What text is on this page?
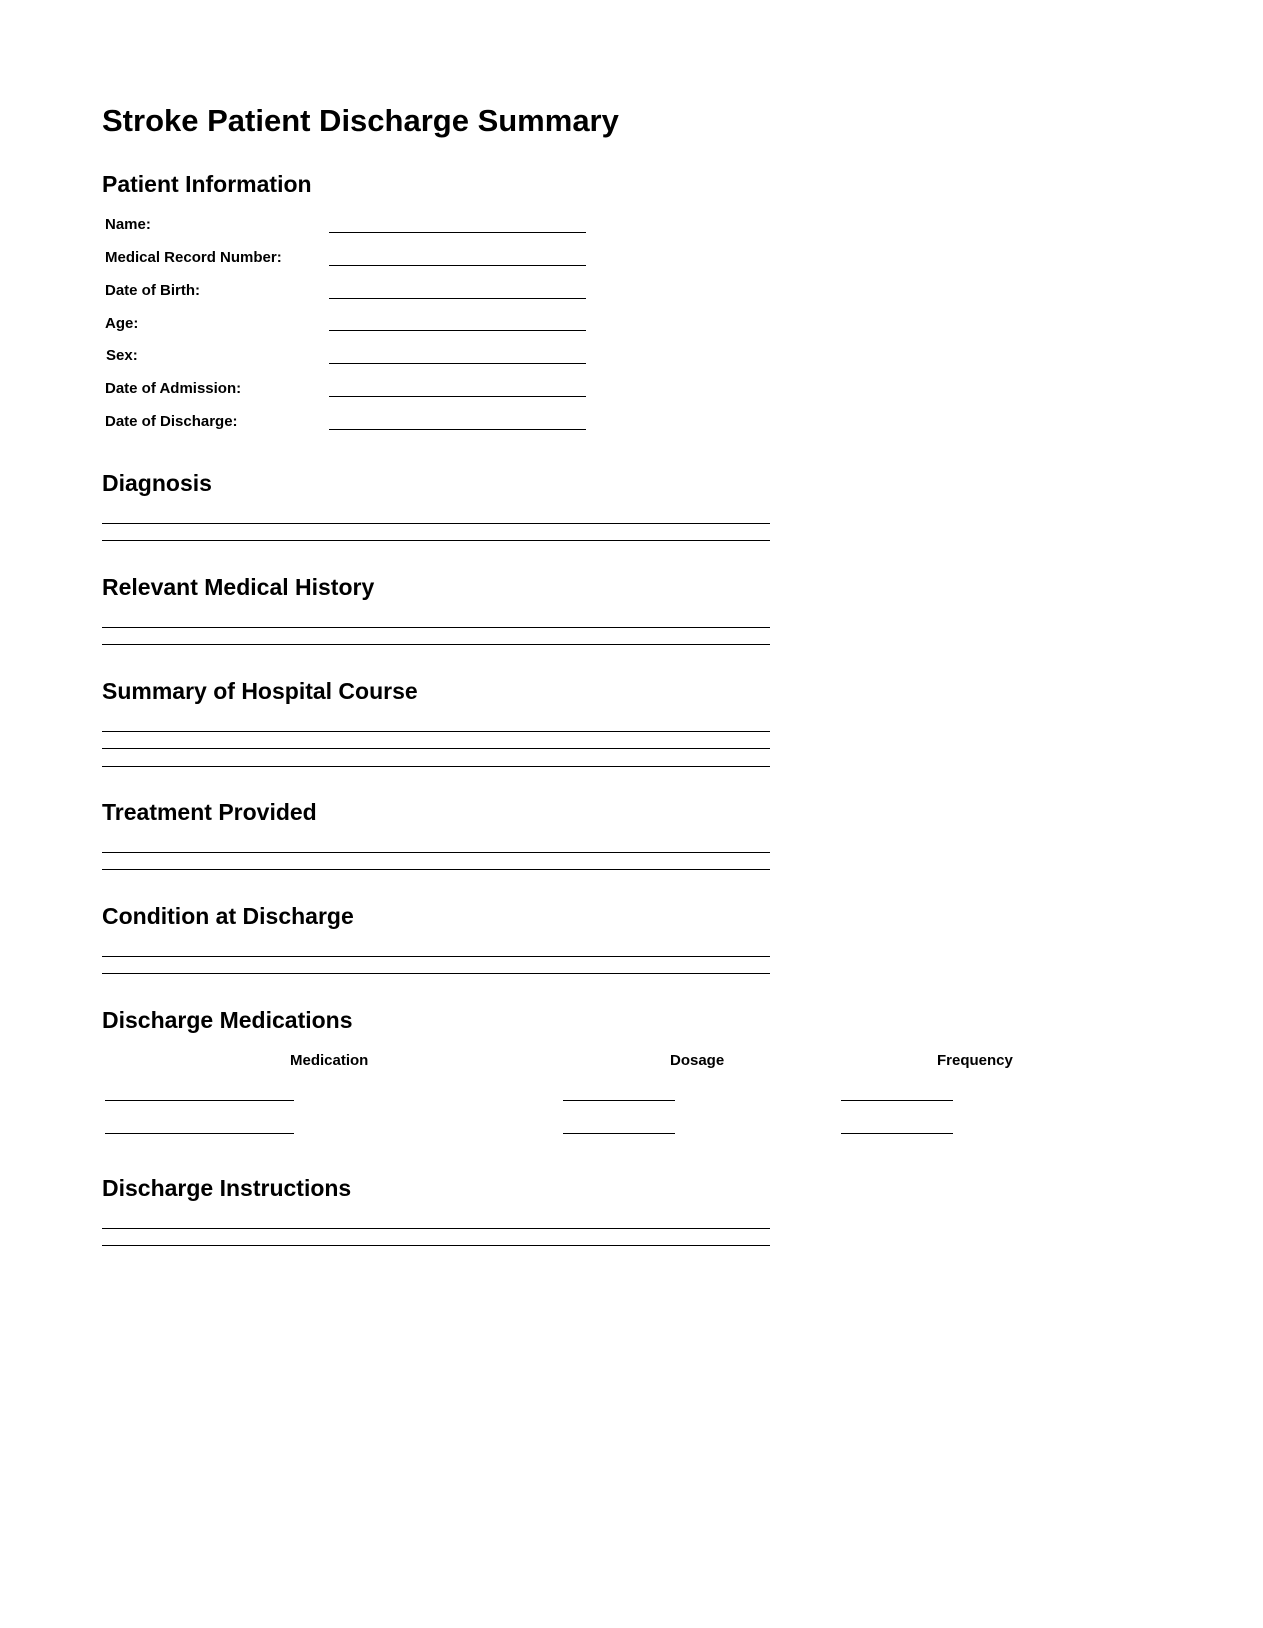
Stroke Patient Discharge Summary
Patient Information
Name:
Medical Record Number:
Date of Birth:
Age:
Sex:
Date of Admission:
Date of Discharge:
Diagnosis
Relevant Medical History
Summary of Hospital Course
Treatment Provided
Condition at Discharge
Discharge Medications
Medication	Dosage	Frequency
Discharge Instructions
